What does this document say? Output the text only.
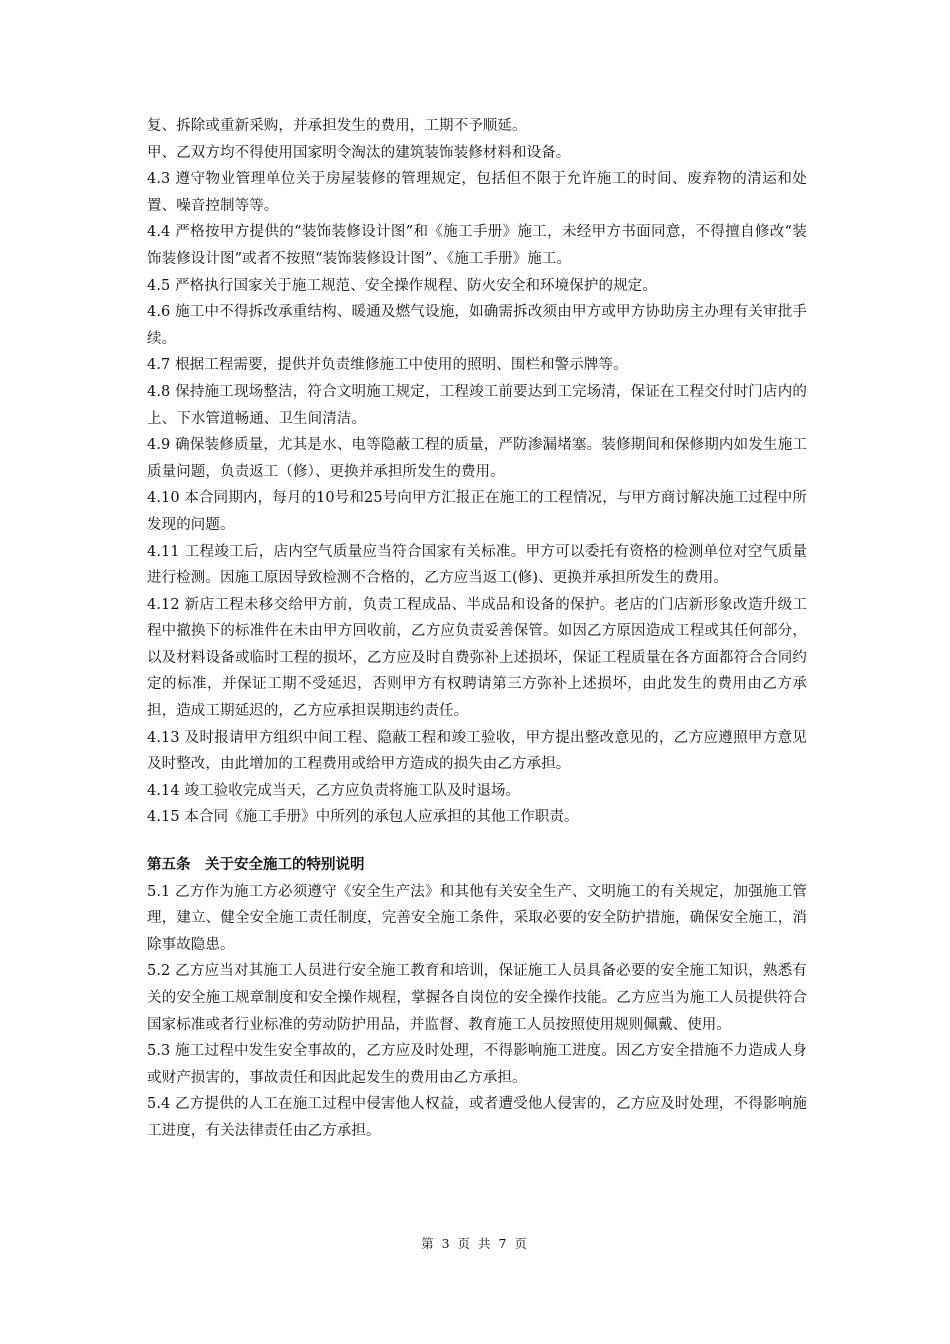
复、拆除或重新采购，并承担发生的费用，工期不予顺延。

甲、乙双方均不得使用国家明令淘汰的建筑装饰装修材料和设备。

4.3 遵守物业管理单位关于房屋装修的管理规定，包括但不限于允许施工的时间、废弃物的清运和处置、噪音控制等等。

4.4 严格按甲方提供的“装饰装修设计图”和《施工手册》施工，未经甲方书面同意，不得擅自修改“装饰装修设计图”或者不按照“装饰装修设计图”、《施工手册》施工。

4.5 严格执行国家关于施工规范、安全操作规程、防火安全和环境保护的规定。

4.6 施工中不得拆改承重结构、暖通及燃气设施，如确需拆改须由甲方或甲方协助房主办理有关审批手续。

4.7 根据工程需要，提供并负责维修施工中使用的照明、围栏和警示牌等。

4.8 保持施工现场整洁，符合文明施工规定，工程竣工前要达到工完场清，保证在工程交付时门店内的上、下水管道畅通、卫生间清洁。

4.9 确保装修质量，尤其是水、电等隐蔽工程的质量，严防渗漏堵塞。装修期间和保修期内如发生施工质量问题，负责返工（修）、更换并承担所发生的费用。

4.10 本合同期内，每月的10号和25号向甲方汇报正在施工的工程情况，与甲方商讨解决施工过程中所发现的问题。

4.11 工程竣工后，店内空气质量应当符合国家有关标准。甲方可以委托有资格的检测单位对空气质量进行检测。因施工原因导致检测不合格的，乙方应当返工(修)、更换并承担所发生的费用。

4.12 新店工程未移交给甲方前，负责工程成品、半成品和设备的保护。老店的门店新形象改造升级工程中撤换下的标准件在未由甲方回收前，乙方应负责妥善保管。如因乙方原因造成工程或其任何部分，以及材料设备或临时工程的损坏，乙方应及时自费弥补上述损坏，保证工程质量在各方面都符合合同约定的标准，并保证工期不受延迟，否则甲方有权聘请第三方弥补上述损坏，由此发生的费用由乙方承担，造成工期延迟的，乙方应承担误期违约责任。

4.13 及时报请甲方组织中间工程、隐蔽工程和竣工验收，甲方提出整改意见的，乙方应遵照甲方意见及时整改，由此增加的工程费用或给甲方造成的损失由乙方承担。

4.14 竣工验收完成当天，乙方应负责将施工队及时退场。

4.15 本合同《施工手册》中所列的承包人应承担的其他工作职责。

第五条　关于安全施工的特别说明

5.1 乙方作为施工方必须遵守《安全生产法》和其他有关安全生产、文明施工的有关规定，加强施工管理，建立、健全安全施工责任制度，完善安全施工条件，采取必要的安全防护措施，确保安全施工，消除事故隐患。

5.2 乙方应当对其施工人员进行安全施工教育和培训，保证施工人员具备必要的安全施工知识，熟悉有关的安全施工规章制度和安全操作规程，掌握各自岗位的安全操作技能。乙方应当为施工人员提供符合国家标准或者行业标准的劳动防护用品，并监督、教育施工人员按照使用规则佩戴、使用。

5.3 施工过程中发生安全事故的，乙方应及时处理，不得影响施工进度。因乙方安全措施不力造成人身或财产损害的，事故责任和因此起发生的费用由乙方承担。

5.4 乙方提供的人工在施工过程中侵害他人权益，或者遭受他人侵害的，乙方应及时处理，不得影响施工进度，有关法律责任由乙方承担。

第 3 页 共 7 页
